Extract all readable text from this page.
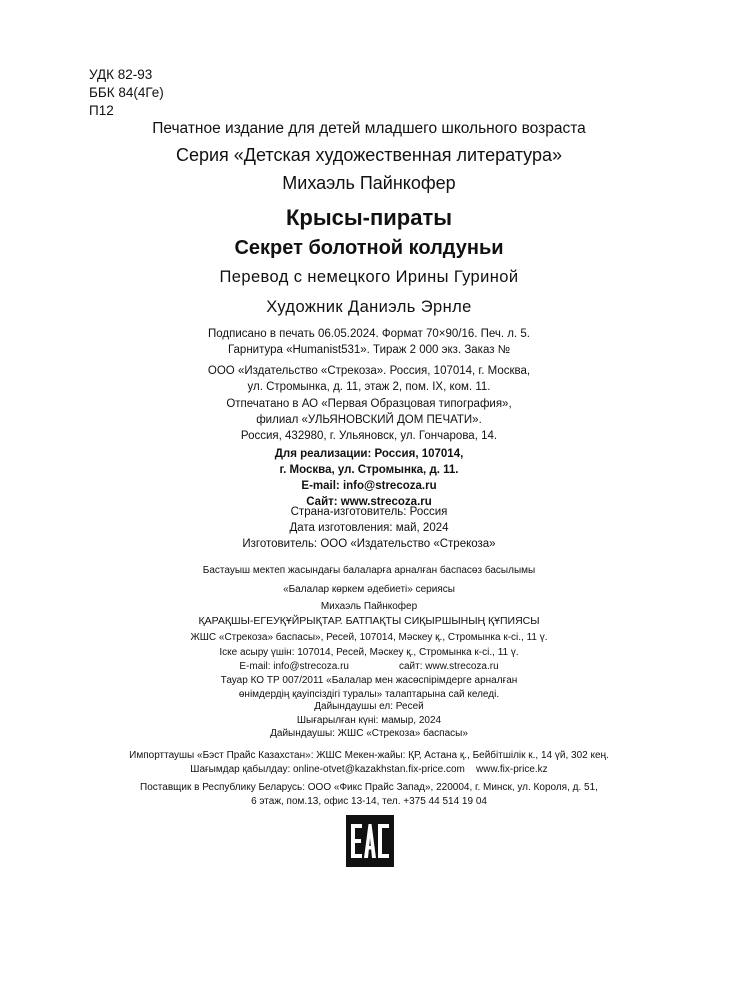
УДК 82-93
ББК 84(4Ге)
П12
Печатное издание для детей младшего школьного возраста
Серия «Детская художественная литература»
Михаэль Пайнкофер
Крысы-пираты
Секрет болотной колдуньи
Перевод с немецкого Ирины Гуриной
Художник Даниэль Эрнле
Подписано в печать 06.05.2024. Формат 70×90/16. Печ. л. 5.
Гарнитура «Humanist531». Тираж 2 000 экз. Заказ №
ООО «Издательство «Стрекоза». Россия, 107014, г. Москва,
ул. Стромынка, д. 11, этаж 2, пом. IX, ком. 11.
Отпечатано в АО «Первая Образцовая типография»,
филиал «УЛЬЯНОВСКИЙ ДОМ ПЕЧАТИ».
Россия, 432980, г. Ульяновск, ул. Гончарова, 14.
Для реализации: Россия, 107014,
г. Москва, ул. Стромынка, д. 11.
E-mail: info@strecoza.ru
Сайт: www.strecoza.ru
Страна-изготовитель: Россия
Дата изготовления: май, 2024
Изготовитель: ООО «Издательство «Стрекоза»
Бастауыш мектеп жасындағы балаларға арналған баспасөз басылымы
«Балалар көркем әдебиеті» сериясы
Михаэль Пайнкофер
ҚАРАҚШЫ-ЕГЕУҚҰЙРЫҚТАР. БАТПАҚТЫ СИҚЫРШЫНЫҢ ҚҰПИЯСЫ
ЖШС «Стрекоза» баспасы», Ресей, 107014, Мәскеу қ., Стромынка к-сі., 11 ү.
Іске асыру үшін: 107014, Ресей, Мәскеу қ., Стромынка к-сі., 11 ү.
E-mail: info@strecoza.ru                  сайт: www.strecoza.ru
Тауар КО ТР 007/2011 «Балалар мен жасөспірімдерге арналған
өнімдердің қауіпсіздігі туралы» талаптарына сай келеді.
Дайындаушы ел: Ресей
Шығарылған күні: мамыр, 2024
Дайындаушы: ЖШС «Стрекоза» баспасы»
Импорттаушы «Бэст Прайс Казахстан»: ЖШС Мекен-жайы: ҚР, Астана қ., Бейбітшілік к., 14 үй, 302 кең.
Шағымдар қабылдау: online-otvet@kazakhstan.fix-price.com    www.fix-price.kz
Поставщик в Республику Беларусь: ООО «Фикс Прайс Запад», 220004, г. Минск, ул. Короля, д. 51,
6 этаж, пом.13, офис 13-14, тел. +375 44 514 19 04
